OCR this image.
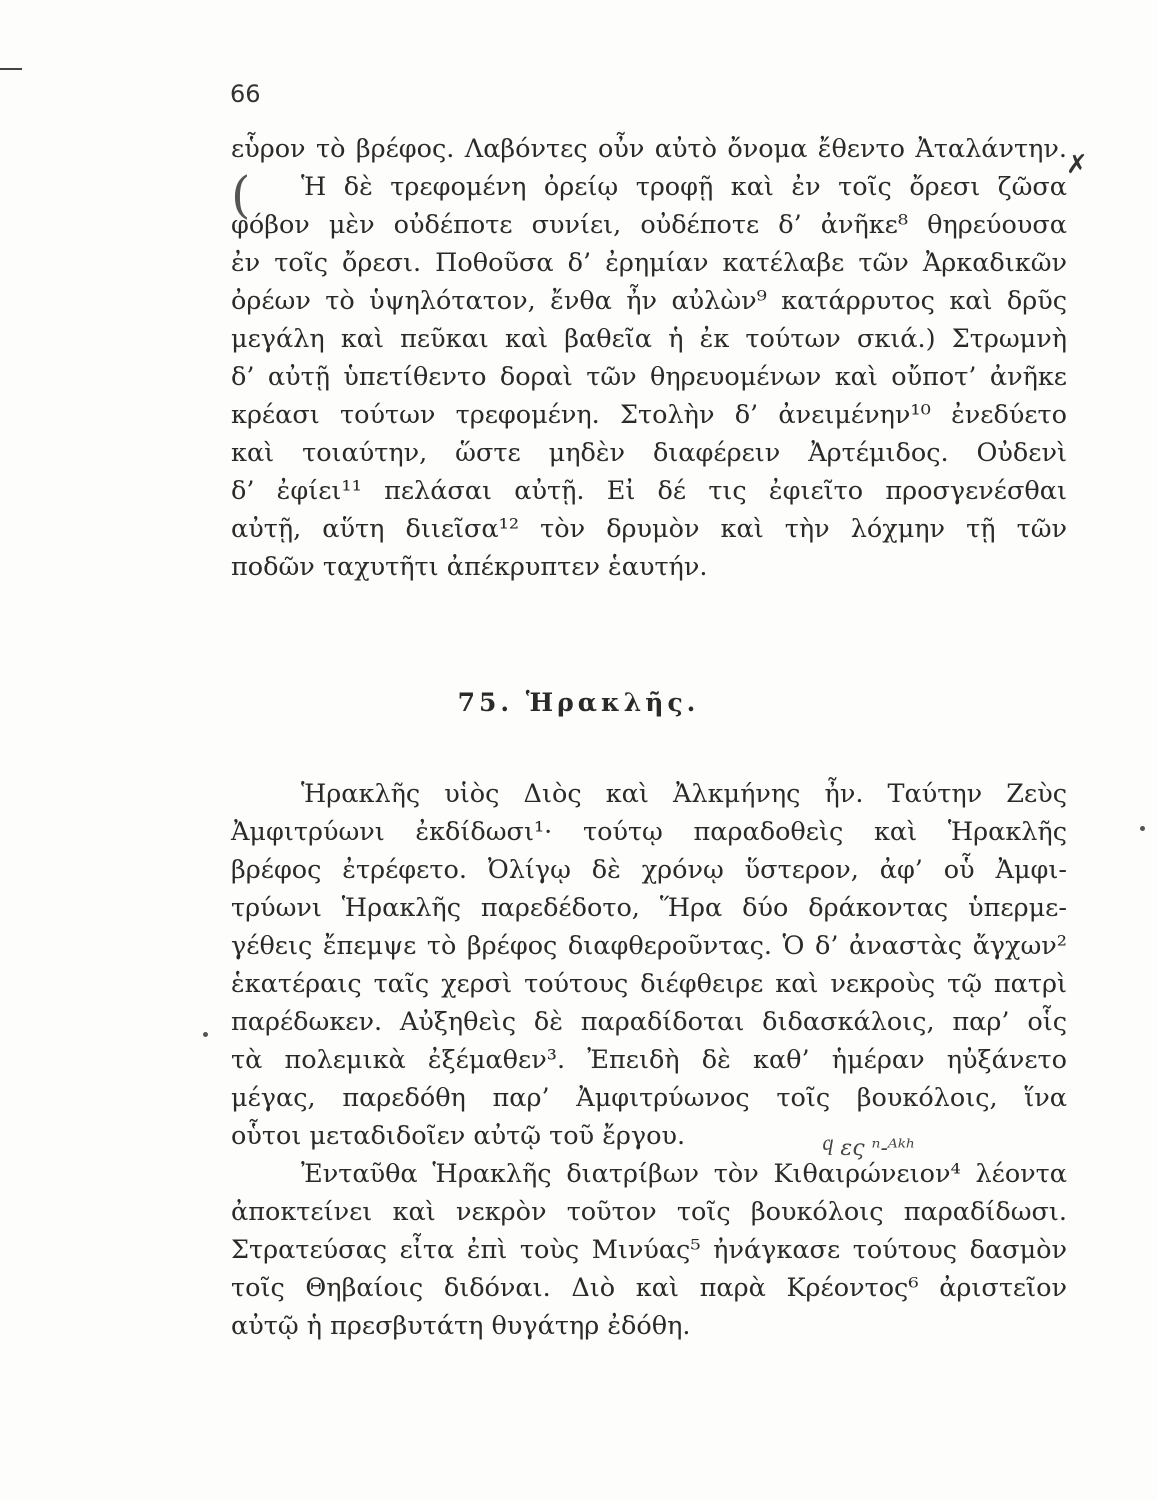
66
✗
(
εὗρον τὸ βρέφος. Λαβόντες οὖν αὐτὸ ὄνομα ἔθεντο Ἀταλάντην.
Ἡ δὲ τρεφομένη ὀρείῳ τροφῇ καὶ ἐν τοῖς ὄρεσι ζῶσα
φόβον μὲν οὐδέποτε συνίει, οὐδέποτε δ’ ἀνῆκε⁸ θηρεύουσα
ἐν τοῖς ὄρεσι. Ποθοῦσα δ’ ἐρημίαν κατέλαβε τῶν Ἀρκαδικῶν
ὀρέων τὸ ὑψηλότατον, ἔνθα ἦν αὐλὼν⁹ κατάρρυτος καὶ δρῦς
μεγάλη καὶ πεῦκαι καὶ βαθεῖα ἡ ἐκ τούτων σκιά.) Στρωμνὴ
δ’ αὐτῇ ὑπετίθεντο δοραὶ τῶν θηρευομένων καὶ οὔποτ’ ἀνῆκε
κρέασι τούτων τρεφομένη. Στολὴν δ’ ἀνειμένην¹⁰ ἐνεδύετο
καὶ τοιαύτην, ὥστε μηδὲν διαφέρειν Ἀρτέμιδος. Οὐδενὶ
δ’ ἐφίει¹¹ πελάσαι αὐτῇ. Εἰ δέ τις ἐφιεῖτο προσγενέσθαι
αὐτῇ, αὕτη διιεῖσα¹² τὸν δρυμὸν καὶ τὴν λόχμην τῇ τῶν
ποδῶν ταχυτῆτι ἀπέκρυπτεν ἑαυτήν.
75. Ἡρακλῆς.
Ἡρακλῆς υἱὸς Διὸς καὶ Ἀλκμήνης ἦν. Ταύτην Ζεὺς
Ἀμφιτρύωνι ἐκδίδωσι¹· τούτῳ παραδοθεὶς καὶ Ἡρακλῆς
βρέφος ἐτρέφετο. Ὀλίγῳ δὲ χρόνῳ ὕστερον, ἀφ’ οὗ Ἀμφι-
τρύωνι Ἡρακλῆς παρεδέδοτο, Ἥρα δύο δράκοντας ὑπερμε-
γέθεις ἔπεμψε τὸ βρέφος διαφθεροῦντας. Ὁ δ’ ἀναστὰς ἄγχων²
ἑκατέραις ταῖς χερσὶ τούτους διέφθειρε καὶ νεκροὺς τῷ πατρὶ
παρέδωκεν. Αὐξηθεὶς δὲ παραδίδοται διδασκάλοις, παρ’ οἷς
τὰ πολεμικὰ ἐξέμαθεν³. Ἐπειδὴ δὲ καθ’ ἡμέραν ηὐξάνετο
μέγας, παρεδόθη παρ’ Ἀμφιτρύωνος τοῖς βουκόλοις, ἵνα
οὗτοι μεταδιδοῖεν αὐτῷ τοῦ ἔργου.	ϥ ες ⁿ-ᴬᵏʰ
Ἐνταῦθα Ἡρακλῆς διατρίβων τὸν Κιθαιρώνειον⁴ λέοντα
ἀποκτείνει καὶ νεκρὸν τοῦτον τοῖς βουκόλοις παραδίδωσι.
Στρατεύσας εἶτα ἐπὶ τοὺς Μινύας⁵ ἠνάγκασε τούτους δασμὸν
τοῖς Θηβαίοις διδόναι. Διὸ καὶ παρὰ Κρέοντος⁶ ἀριστεῖον
αὐτῷ ἡ πρεσβυτάτη θυγάτηρ ἐδόθη.
